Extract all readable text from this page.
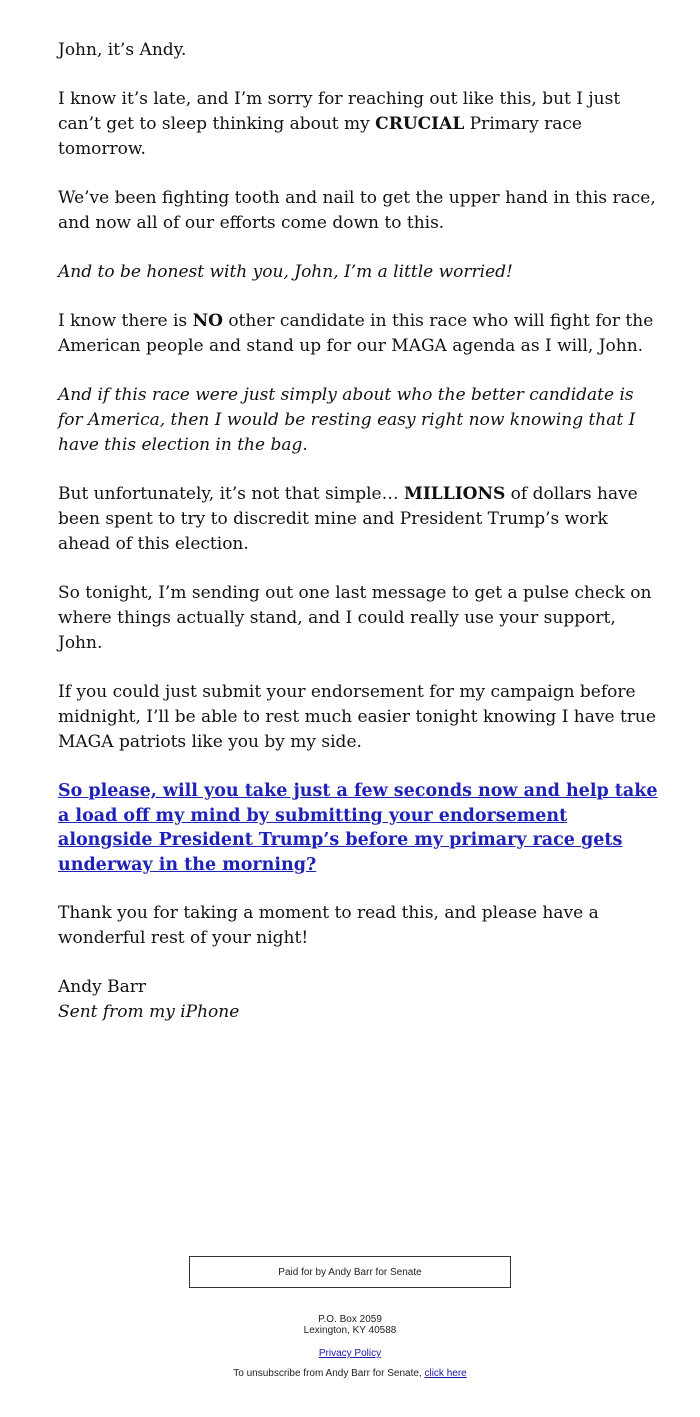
John, it’s Andy.

I know it’s late, and I’m sorry for reaching out like this, but I just can’t get to sleep thinking about my CRUCIAL Primary race tomorrow.

We’ve been fighting tooth and nail to get the upper hand in this race, and now all of our efforts come down to this.

And to be honest with you, John, I’m a little worried!

I know there is NO other candidate in this race who will fight for the American people and stand up for our MAGA agenda as I will, John.

And if this race were just simply about who the better candidate is for America, then I would be resting easy right now knowing that I have this election in the bag.

But unfortunately, it’s not that simple… MILLIONS of dollars have been spent to try to discredit mine and President Trump’s work ahead of this election.

So tonight, I’m sending out one last message to get a pulse check on where things actually stand, and I could really use your support, John.

If you could just submit your endorsement for my campaign before midnight, I’ll be able to rest much easier tonight knowing I have true MAGA patriots like you by my side.

So please, will you take just a few seconds now and help take a load off my mind by submitting your endorsement alongside President Trump’s before my primary race gets underway in the morning?

Thank you for taking a moment to read this, and please have a wonderful rest of your night!

Andy Barr

Sent from my iPhone

Paid for by Andy Barr for Senate
P.O. Box 2059
Lexington, KY 40588
Privacy Policy
To unsubscribe from Andy Barr for Senate, click here
